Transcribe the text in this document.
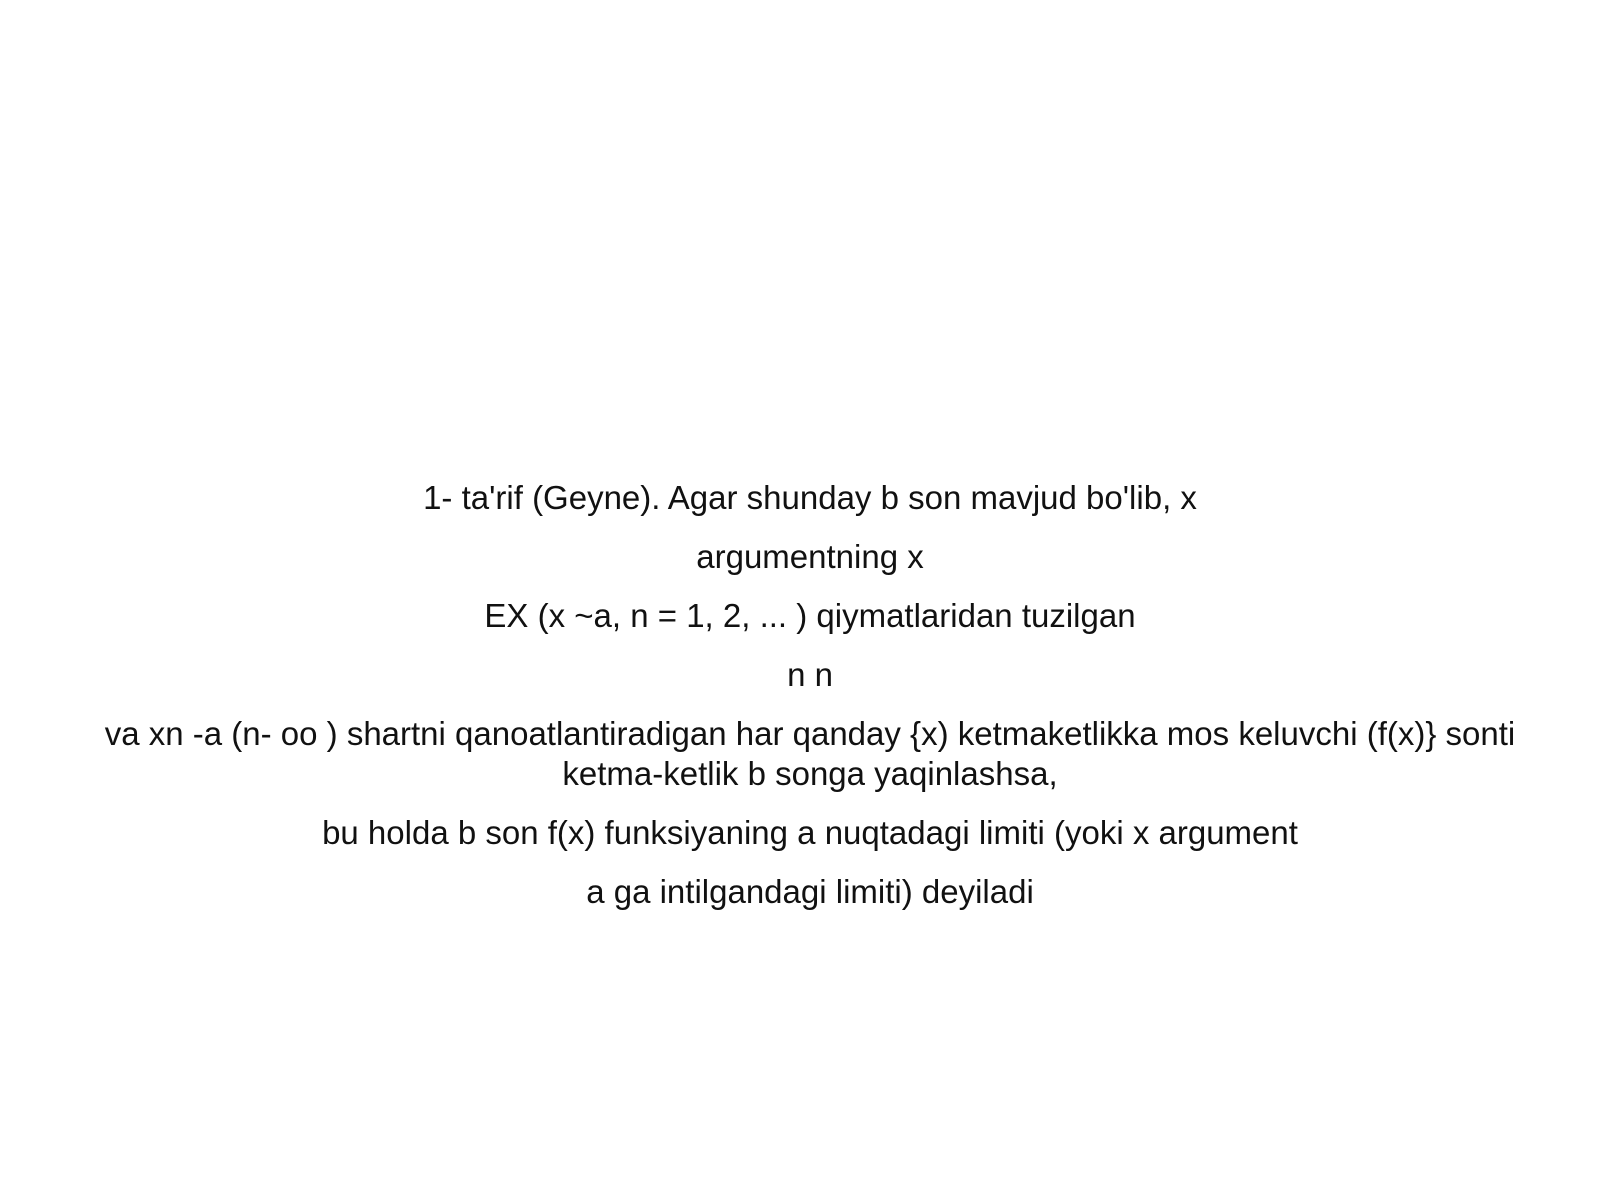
1- ta'rif (Geyne). Agar shunday b son mavjud bo'lib, x

argumentning x

EX (x ~a, n = 1, 2, ... ) qiymatlaridan tuzilgan

n n

va xn -a (n- oo ) shartni qanoatlantiradigan har qanday {x) ketmaketlikka mos keluvchi (f(x)} sonti ketma-ketlik b songa yaqinlashsa,

bu holda b son f(x) funksiyaning a nuqtadagi limiti (yoki x argument

a ga intilgandagi limiti) deyiladi
